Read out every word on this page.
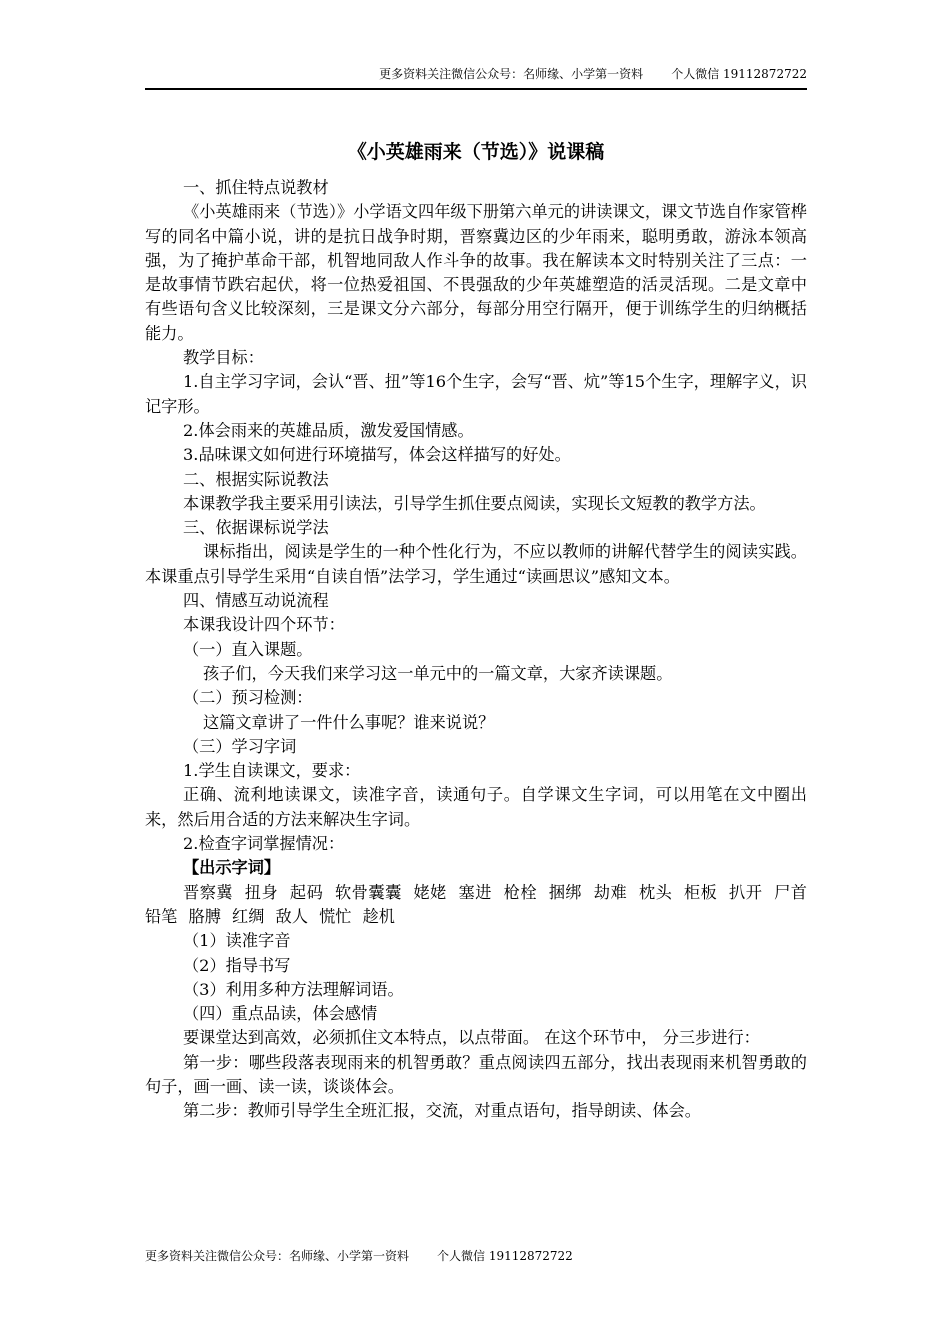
更多资料关注微信公众号：名师缘、小学第一资料 个人微信 19112872722
《小英雄雨来（节选）》说课稿

一、抓住特点说教材

《小英雄雨来（节选）》小学语文四年级下册第六单元的讲读课文，课文节选自作家管桦写的同名中篇小说，讲的是抗日战争时期，晋察冀边区的少年雨来，聪明勇敢，游泳本领高强，为了掩护革命干部，机智地同敌人作斗争的故事。我在解读本文时特别关注了三点：一是故事情节跌宕起伏，将一位热爱祖国、不畏强敌的少年英雄塑造的活灵活现。二是文章中有些语句含义比较深刻，三是课文分六部分，每部分用空行隔开，便于训练学生的归纳概括能力。

教学目标：

1.自主学习字词，会认“晋、扭”等16个生字，会写“晋、炕”等15个生字，理解字义，识记字形。

2.体会雨来的英雄品质，激发爱国情感。

3.品味课文如何进行环境描写，体会这样描写的好处。

二、根据实际说教法

本课教学我主要采用引读法，引导学生抓住要点阅读，实现长文短教的教学方法。

三、依据课标说学法

课标指出，阅读是学生的一种个性化行为，不应以教师的讲解代替学生的阅读实践。本课重点引导学生采用“自读自悟”法学习，学生通过“读画思议”感知文本。

四、情感互动说流程

本课我设计四个环节：

（一）直入课题。

孩子们，今天我们来学习这一单元中的一篇文章，大家齐读课题。

（二）预习检测：

这篇文章讲了一件什么事呢？谁来说说？

（三）学习字词

1.学生自读课文，要求：

正确、流利地读课文，读准字音，读通句子。自学课文生字词，可以用笔在文中圈出来，然后用合适的方法来解决生字词。

2.检查字词掌握情况：

【出示字词】

晋察冀 扭身 起码 软骨囊囊 姥姥 塞进 枪栓 捆绑 劫难 枕头 柜板 扒开 尸首 铅笔 胳膊 红绸 敌人 慌忙 趁机

（1）读准字音

（2）指导书写

（3）利用多种方法理解词语。

（四）重点品读，体会感情

要课堂达到高效，必须抓住文本特点，以点带面。 在这个环节中， 分三步进行：

第一步：哪些段落表现雨来的机智勇敢？重点阅读四五部分，找出表现雨来机智勇敢的句子，画一画、读一读，谈谈体会。

第二步：教师引导学生全班汇报，交流，对重点语句，指导朗读、体会。

更多资料关注微信公众号：名师缘、小学第一资料 个人微信 19112872722
